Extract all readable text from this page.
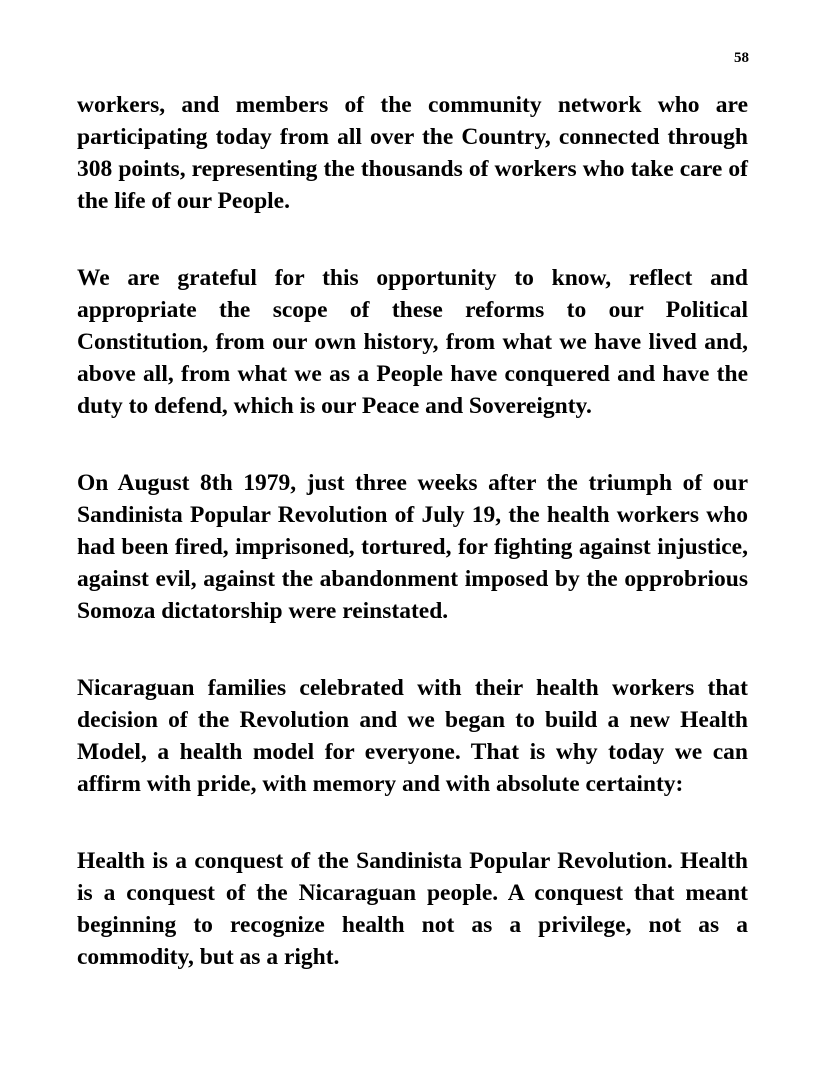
58

workers, and members of the community network who are participating today from all over the Country, connected through 308 points, representing the thousands of workers who take care of the life of our People.

We are grateful for this opportunity to know, reflect and appropriate the scope of these reforms to our Political Constitution, from our own history, from what we have lived and, above all, from what we as a People have conquered and have the duty to defend, which is our Peace and Sovereignty.

On August 8th 1979, just three weeks after the triumph of our Sandinista Popular Revolution of July 19, the health workers who had been fired, imprisoned, tortured, for fighting against injustice, against evil, against the abandonment imposed by the opprobrious Somoza dictatorship were reinstated.

Nicaraguan families celebrated with their health workers that decision of the Revolution and we began to build a new Health Model, a health model for everyone. That is why today we can affirm with pride, with memory and with absolute certainty:

Health is a conquest of the Sandinista Popular Revolution. Health is a conquest of the Nicaraguan people. A conquest that meant beginning to recognize health not as a privilege, not as a commodity, but as a right.
